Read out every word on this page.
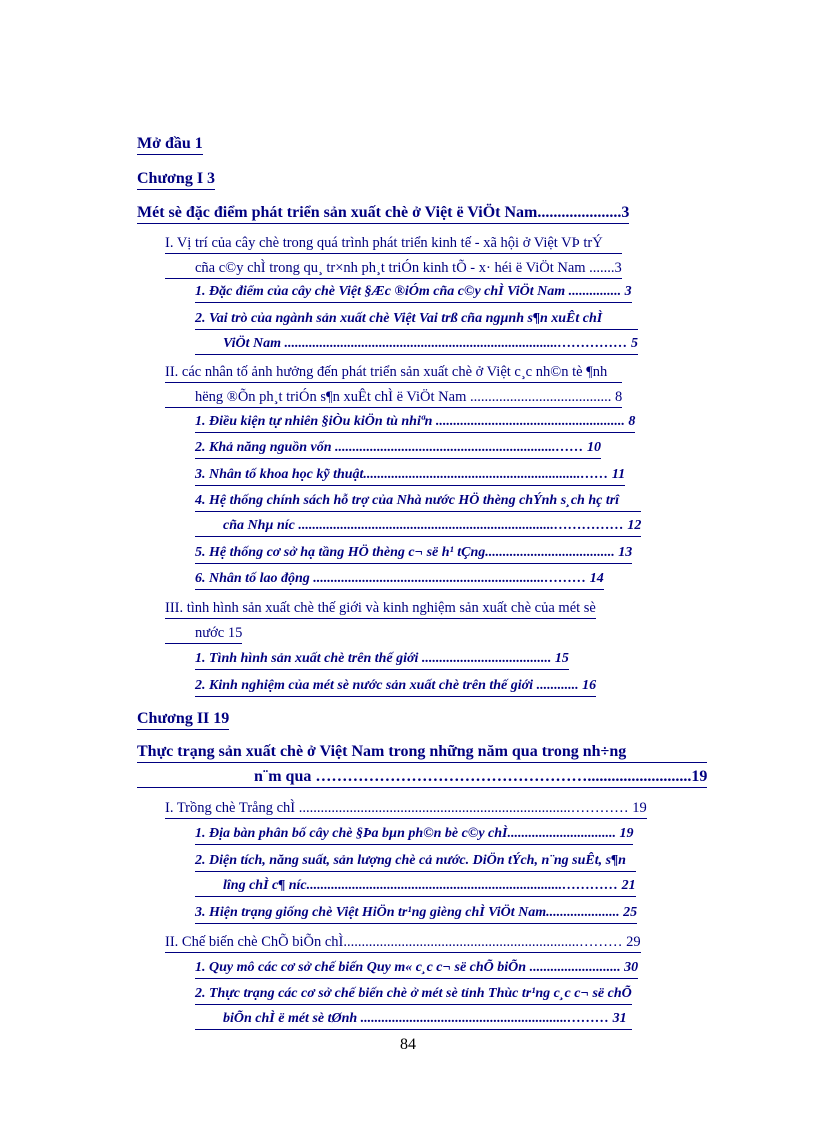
Mở đầu 1
Chương I 3
Mét sè đặc điểm phát triển sản xuất chè ở Việt ë ViÖt Nam.....................3
I. Vị trí của cây chè trong quá trình phát triển kinh tế - xã hội ở Việt VÞ trÝ
cña c©y chÌ trong qu¸ tr×nh ph¸t triÓn kinh tÕ - x· héi ë ViÖt Nam .......3
1. Đặc điểm của cây chè Việt §Æc ®iÓm cña c©y chÌ ViÖt Nam ............... 3
2. Vai trò của ngành sản xuất chè Việt Vai trß cña ngµnh s¶n xuÊt chÌ
ViÖt Nam ..............................................................................…………… 5
II. các nhân tố ảnh hưởng đến phát triển sản xuất chè ở Việt c¸c nh©n tè ¶nh
hëng ®Õn ph¸t triÓn s¶n xuÊt chÌ ë ViÖt Nam ....................................... 8
1. Điều kiện tự nhiên §iÒu kiÖn tù nhiªn ...................................................... 8
2. Khả năng nguồn vốn ...............................................................…… 10
3. Nhân tố khoa học kỹ thuật..............................................................…… 11
4. Hệ thống chính sách hỗ trợ của Nhà nước HÖ thèng chÝnh s¸ch hç trî
cña Nhµ níc .........................................................................…………… 12
5. Hệ thống cơ sở hạ tầng HÖ thèng c¬ së h¹ tÇng..................................... 13
6. Nhân tố lao động ..................................................................……… 14
III. tình hình sản xuất chè thế giới và kinh nghiệm sản xuất chè của mét sè
nước 15
1. Tình hình sản xuất chè trên thế giới ..................................... 15
2. Kinh nghiệm của mét sè nước sản xuất chè trên thế giới ............ 16
Chương II 19
Thực trạng sản xuất chè ở Việt Nam trong những năm qua trong nh÷ng
n¨m qua ……………………………………………..........................19
I. Trồng chè Trång chÌ ...........................................................................………… 19
1. Địa bàn phân bố cây chè §Þa bµn ph©n bè c©y chÌ............................... 19
2. Diện tích, năng suất, sản lượng chè cả nước. DiÖn tÝch, n¨ng suÊt, s¶n
lîng chÌ c¶ níc.........................................................................………… 21
3. Hiện trạng giống chè Việt HiÖn tr¹ng gièng chÌ ViÖt Nam..................... 25
II. Chế biến chè ChÕ biÕn chÌ.................................................................……… 29
1. Quy mô các cơ sở chế biến Quy m« c¸c c¬ së chÕ biÕn .......................... 30
2. Thực trạng các cơ sở chế biến chè ở mét sè tỉnh Thùc tr¹ng c¸c c¬ së chÕ
biÕn chÌ ë mét sè tØnh ...........................................................……… 31
84
